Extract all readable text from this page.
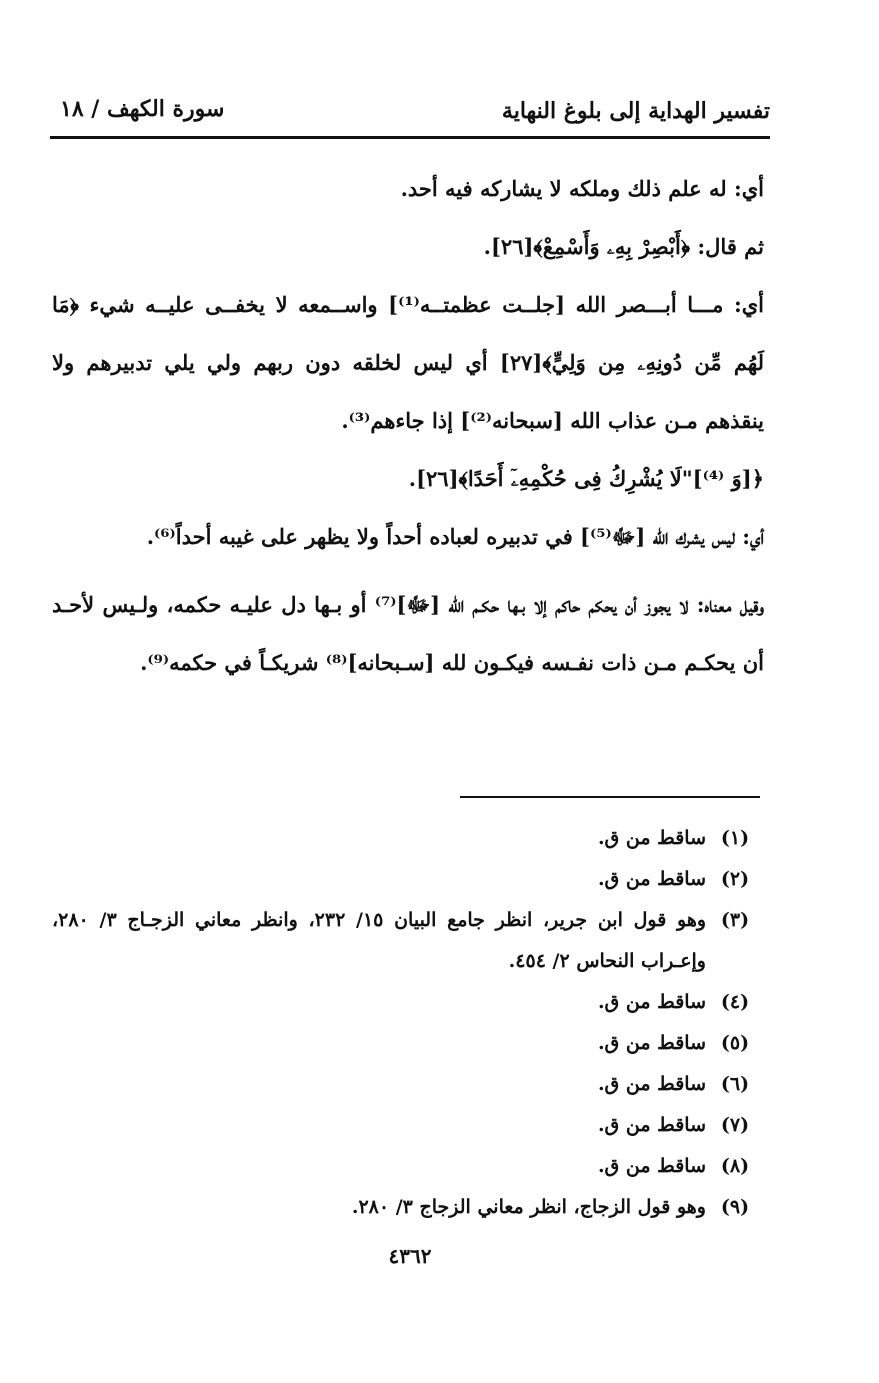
تفسير الهداية إلى بلوغ النهاية
سورة الكهف / ١٨

أي: له علم ذلك وملكه لا يشاركه فيه أحد.

ثم قال: ﴿أَبْصِرْ بِهِۦ وَأَسْمِعْ﴾[٢٦].

أي: مـــا أبـــصر الله [جلــت عظمتــه⁽¹⁾] واســمعه لا يخفــى عليــه شيء ﴿مَا لَهُم مِّن دُونِهِۦ مِن وَلِيٍّ﴾[٢٧] أي ليس لخلقه دون ربهم ولي يلي تدبيرهم ولا ينقذهم مـن عذاب الله [سبحانه⁽²⁾] إذا جاءهم⁽³⁾.

﴿[وَ ⁽⁴⁾]"لَا يُشْرِكُ فِى حُكْمِهِۦٓ أَحَدًا﴾[٢٦].

أي: ليس يشرك الله [ﷻ⁽⁵⁾] في تدبيره لعباده أحداً ولا يظهر على غيبه أحداً⁽⁶⁾.

وقيل معناه: لا يجوز أن يحكم حاكم إلا بـها حكـم الله [ﷻ]⁽⁷⁾ أو بـها دل عليـه حكمه، ولـيس لأحـد أن يحكـم مـن ذات نفـسه فيكـون لله [سـبحانه]⁽⁸⁾ شريكـاً في حكمه⁽⁹⁾.

(١)
ساقط من ق.
(٢)
ساقط من ق.
(٣)
وهو قول ابن جرير، انظر جامع البيان ١٥/ ٢٣٢، وانظر معاني الزجـاج ٣/ ٢٨٠، وإعـراب النحاس ٢/ ٤٥٤.
(٤)
ساقط من ق.
(٥)
ساقط من ق.
(٦)
ساقط من ق.
(٧)
ساقط من ق.
(٨)
ساقط من ق.
(٩)
وهو قول الزجاج، انظر معاني الزجاج ٣/ ٢٨٠.
٤٣٦٢
